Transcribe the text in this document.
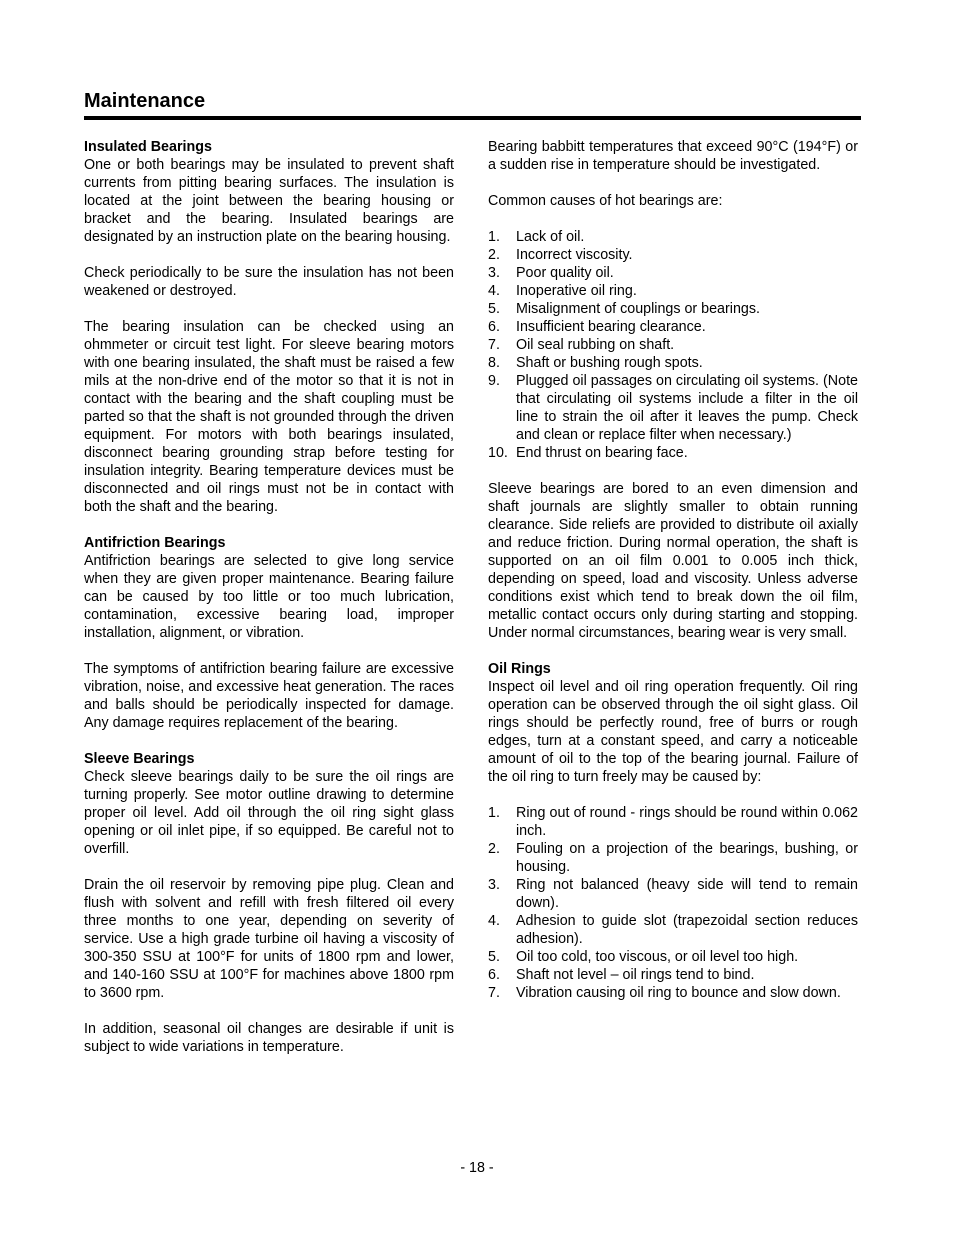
Maintenance

Insulated Bearings

One or both bearings may be insulated to prevent shaft currents from pitting bearing surfaces. The insulation is located at the joint between the bearing housing or bracket and the bearing. Insulated bearings are designated by an instruction plate on the bearing housing.

Check periodically to be sure the insulation has not been weakened or destroyed.

The bearing insulation can be checked using an ohmmeter or circuit test light. For sleeve bearing motors with one bearing insulated, the shaft must be raised a few mils at the non-drive end of the motor so that it is not in contact with the bearing and the shaft coupling must be parted so that the shaft is not grounded through the driven equipment. For motors with both bearings insulated, disconnect bearing grounding strap before testing for insulation integrity. Bearing temperature devices must be disconnected and oil rings must not be in contact with both the shaft and the bearing.

Antifriction Bearings

Antifriction bearings are selected to give long service when they are given proper maintenance. Bearing failure can be caused by too little or too much lubrication, contamination, excessive bearing load, improper installation, alignment, or vibration.

The symptoms of antifriction bearing failure are excessive vibration, noise, and excessive heat generation. The races and balls should be periodically inspected for damage. Any damage requires replacement of the bearing.

Sleeve Bearings

Check sleeve bearings daily to be sure the oil rings are turning properly. See motor outline drawing to determine proper oil level. Add oil through the oil ring sight glass opening or oil inlet pipe, if so equipped. Be careful not to overfill.

Drain the oil reservoir by removing pipe plug. Clean and flush with solvent and refill with fresh filtered oil every three months to one year, depending on severity of service. Use a high grade turbine oil having a viscosity of 300-350 SSU at 100°F for units of 1800 rpm and lower, and 140-160 SSU at 100°F for machines above 1800 rpm to 3600 rpm.

In addition, seasonal oil changes are desirable if unit is subject to wide variations in temperature.

Bearing babbitt temperatures that exceed 90°C (194°F) or a sudden rise in temperature should be investigated.

Common causes of hot bearings are:

1. Lack of oil.
2. Incorrect viscosity.
3. Poor quality oil.
4. Inoperative oil ring.
5. Misalignment of couplings or bearings.
6. Insufficient bearing clearance.
7. Oil seal rubbing on shaft.
8. Shaft or bushing rough spots.
9. Plugged oil passages on circulating oil systems. (Note that circulating oil systems include a filter in the oil line to strain the oil after it leaves the pump. Check and clean or replace filter when necessary.)
10. End thrust on bearing face.

Sleeve bearings are bored to an even dimension and shaft journals are slightly smaller to obtain running clearance. Side reliefs are provided to distribute oil axially and reduce friction. During normal operation, the shaft is supported on an oil film 0.001 to 0.005 inch thick, depending on speed, load and viscosity. Unless adverse conditions exist which tend to break down the oil film, metallic contact occurs only during starting and stopping. Under normal circumstances, bearing wear is very small.

Oil Rings

Inspect oil level and oil ring operation frequently. Oil ring operation can be observed through the oil sight glass. Oil rings should be perfectly round, free of burrs or rough edges, turn at a constant speed, and carry a noticeable amount of oil to the top of the bearing journal. Failure of the oil ring to turn freely may be caused by:

1. Ring out of round - rings should be round within 0.062 inch.
2. Fouling on a projection of the bearings, bushing, or housing.
3. Ring not balanced (heavy side will tend to remain down).
4. Adhesion to guide slot (trapezoidal section reduces adhesion).
5. Oil too cold, too viscous, or oil level too high.
6. Shaft not level – oil rings tend to bind.
7. Vibration causing oil ring to bounce and slow down.
- 18 -
